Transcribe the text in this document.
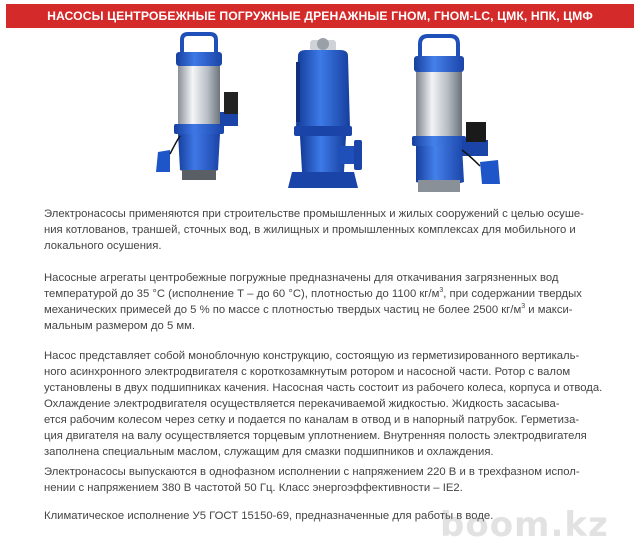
НАСОСЫ ЦЕНТРОБЕЖНЫЕ ПОГРУЖНЫЕ ДРЕНАЖНЫЕ ГНОМ, ГНОМ-LC, ЦМК, НПК, ЦМФ

Электронасосы применяются при строительстве промышленных и жилых сооружений с целью осуше-

ния котлованов, траншей, сточных вод, в жилищных и промышленных комплексах для мобильного и

локального осушения.

Насосные агрегаты центробежные погружные предназначены для откачивания загрязненных вод

температурой до 35 °С (исполнение Т – до 60 °С), плотностью до 1100 $кг/м^3$, при содержании твердых

механических примесей до 5 % по массе с плотностью твердых частиц не более 2500 $кг/м^3$ и макси-

мальным размером до 5 мм.

Насос представляет собой моноблочную конструкцию, состоящую из герметизированного вертикаль-

ного асинхронного электродвигателя с короткозамкнутым ротором и насосной части. Ротор с валом

установлены в двух подшипниках качения. Насосная часть состоит из рабочего колеса, корпуса и отвода.

Охлаждение электродвигателя осуществляется перекачиваемой жидкостью. Жидкость засасыва-

ется рабочим колесом через сетку и подается по каналам в отвод и в напорный патрубок. Герметиза-

ция двигателя на валу осуществляется торцевым уплотнением. Внутренняя полость электродвигателя

заполнена специальным маслом, служащим для смазки подшипников и охлаждения.

Электронасосы выпускаются в однофазном исполнении с напряжением 220 В и в трехфазном испол-

нении с напряжением 380 В частотой 50 Гц. Класс энергоэффективности – IE2.

Климатическое исполнение У5 ГОСТ 15150-69, предназначенные для работы в воде.

boom.kz
